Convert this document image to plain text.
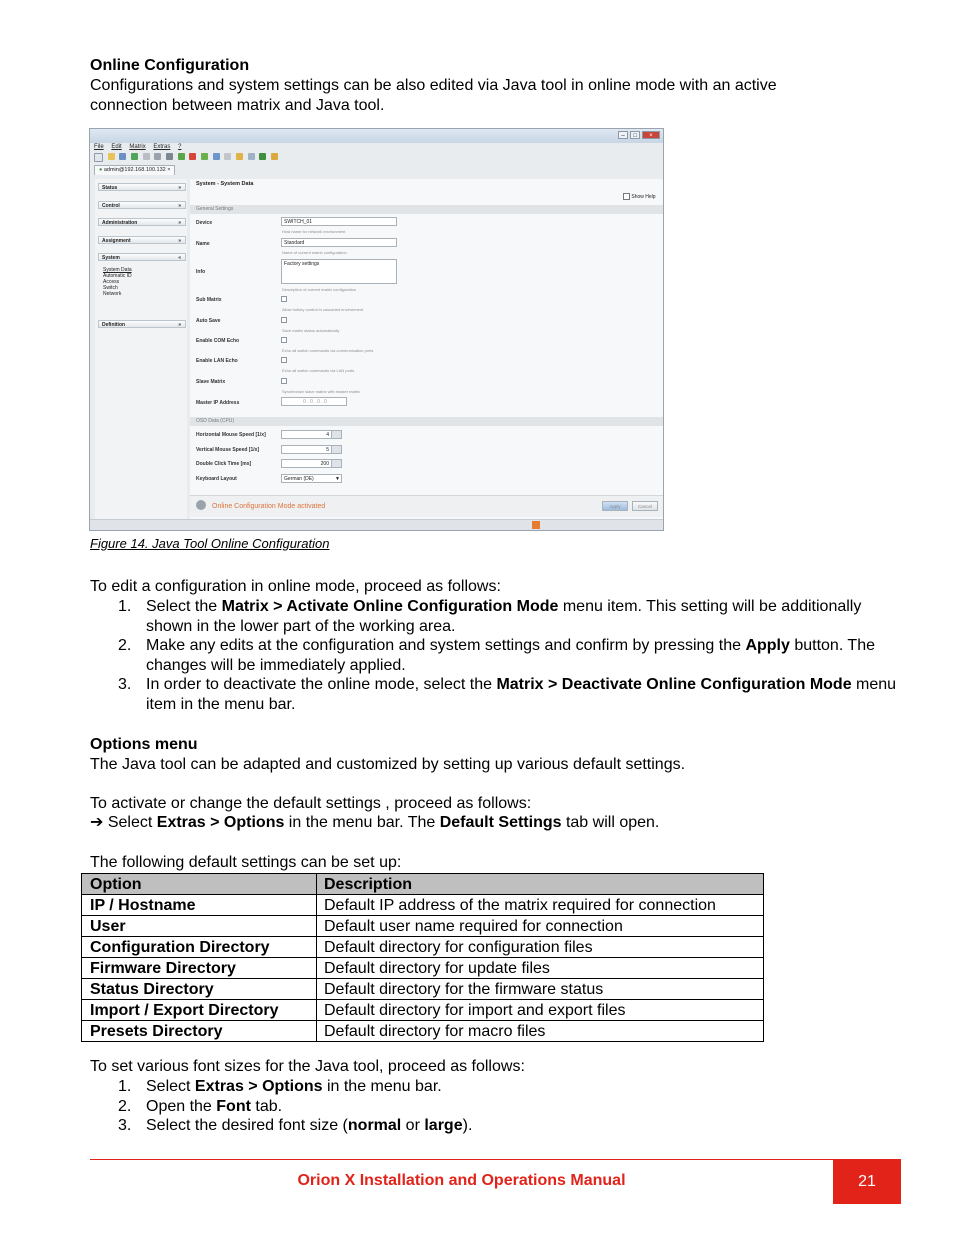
Online Configuration

Configurations and system settings can be also edited via Java tool in online mode with an active connection between matrix and Java tool.

–	□	×
File Edit Matrix Extras ?

● admin@192.168.100.132 ×
Status	»
Control	»
Administration	»
Assignment	»
System	«
System Data
Automatic ID
Access
Switch
Network
Definition	»
System - System Data
Show Help
General Settings
Device	SWITCH_01
Host name for network environment
Name	Standard
Name of current matrix configuration
Info
Factory settings
Description of current matrix configuration
Sub Matrix
Allow hotkey control in cascaded environment
Auto Save
Save matrix status automatically
Enable COM Echo
Echo all switch commands via communication ports
Enable LAN Echo
Echo all switch commands via LAN ports
Slave Matrix
Synchronize slave matrix with master matrix
Master IP Address	0 . 0 . 0 . 0
OSD Data (CPU)
Horizontal Mouse Speed [1/x]	4
Vertical Mouse Speed [1/x]	5
Double Click Time [ms]	200
Keyboard Layout	German (DE)	▼
Online Configuration Mode activated	Apply	Cancel
Figure 14. Java Tool Online Configuration

To edit a configuration in online mode, proceed as follows:

1. Select the Matrix > Activate Online Configuration Mode menu item. This setting will be additionally shown in the lower part of the working area.
2. Make any edits at the configuration and system settings and confirm by pressing the Apply button. The changes will be immediately applied.
3. In order to deactivate the online mode, select the Matrix > Deactivate Online Configuration Mode menu item in the menu bar.
Options menu

The Java tool can be adapted and customized by setting up various default settings.

To activate or change the default settings , proceed as follows:

➔ Select Extras > Options in the menu bar. The Default Settings tab will open.

The following default settings can be set up:

Option	Description
IP / Hostname	Default IP address of the matrix required for connection
User	Default user name required for connection
Configuration Directory	Default directory for configuration files
Firmware Directory	Default directory for update files
Status Directory	Default directory for the firmware status
Import / Export Directory	Default directory for import and export files
Presets Directory	Default directory for macro files

To set various font sizes for the Java tool, proceed as follows:

1. Select Extras > Options in the menu bar.
2. Open the Font tab.
3. Select the desired font size (normal or large).
Orion X Installation and Operations Manual	21
